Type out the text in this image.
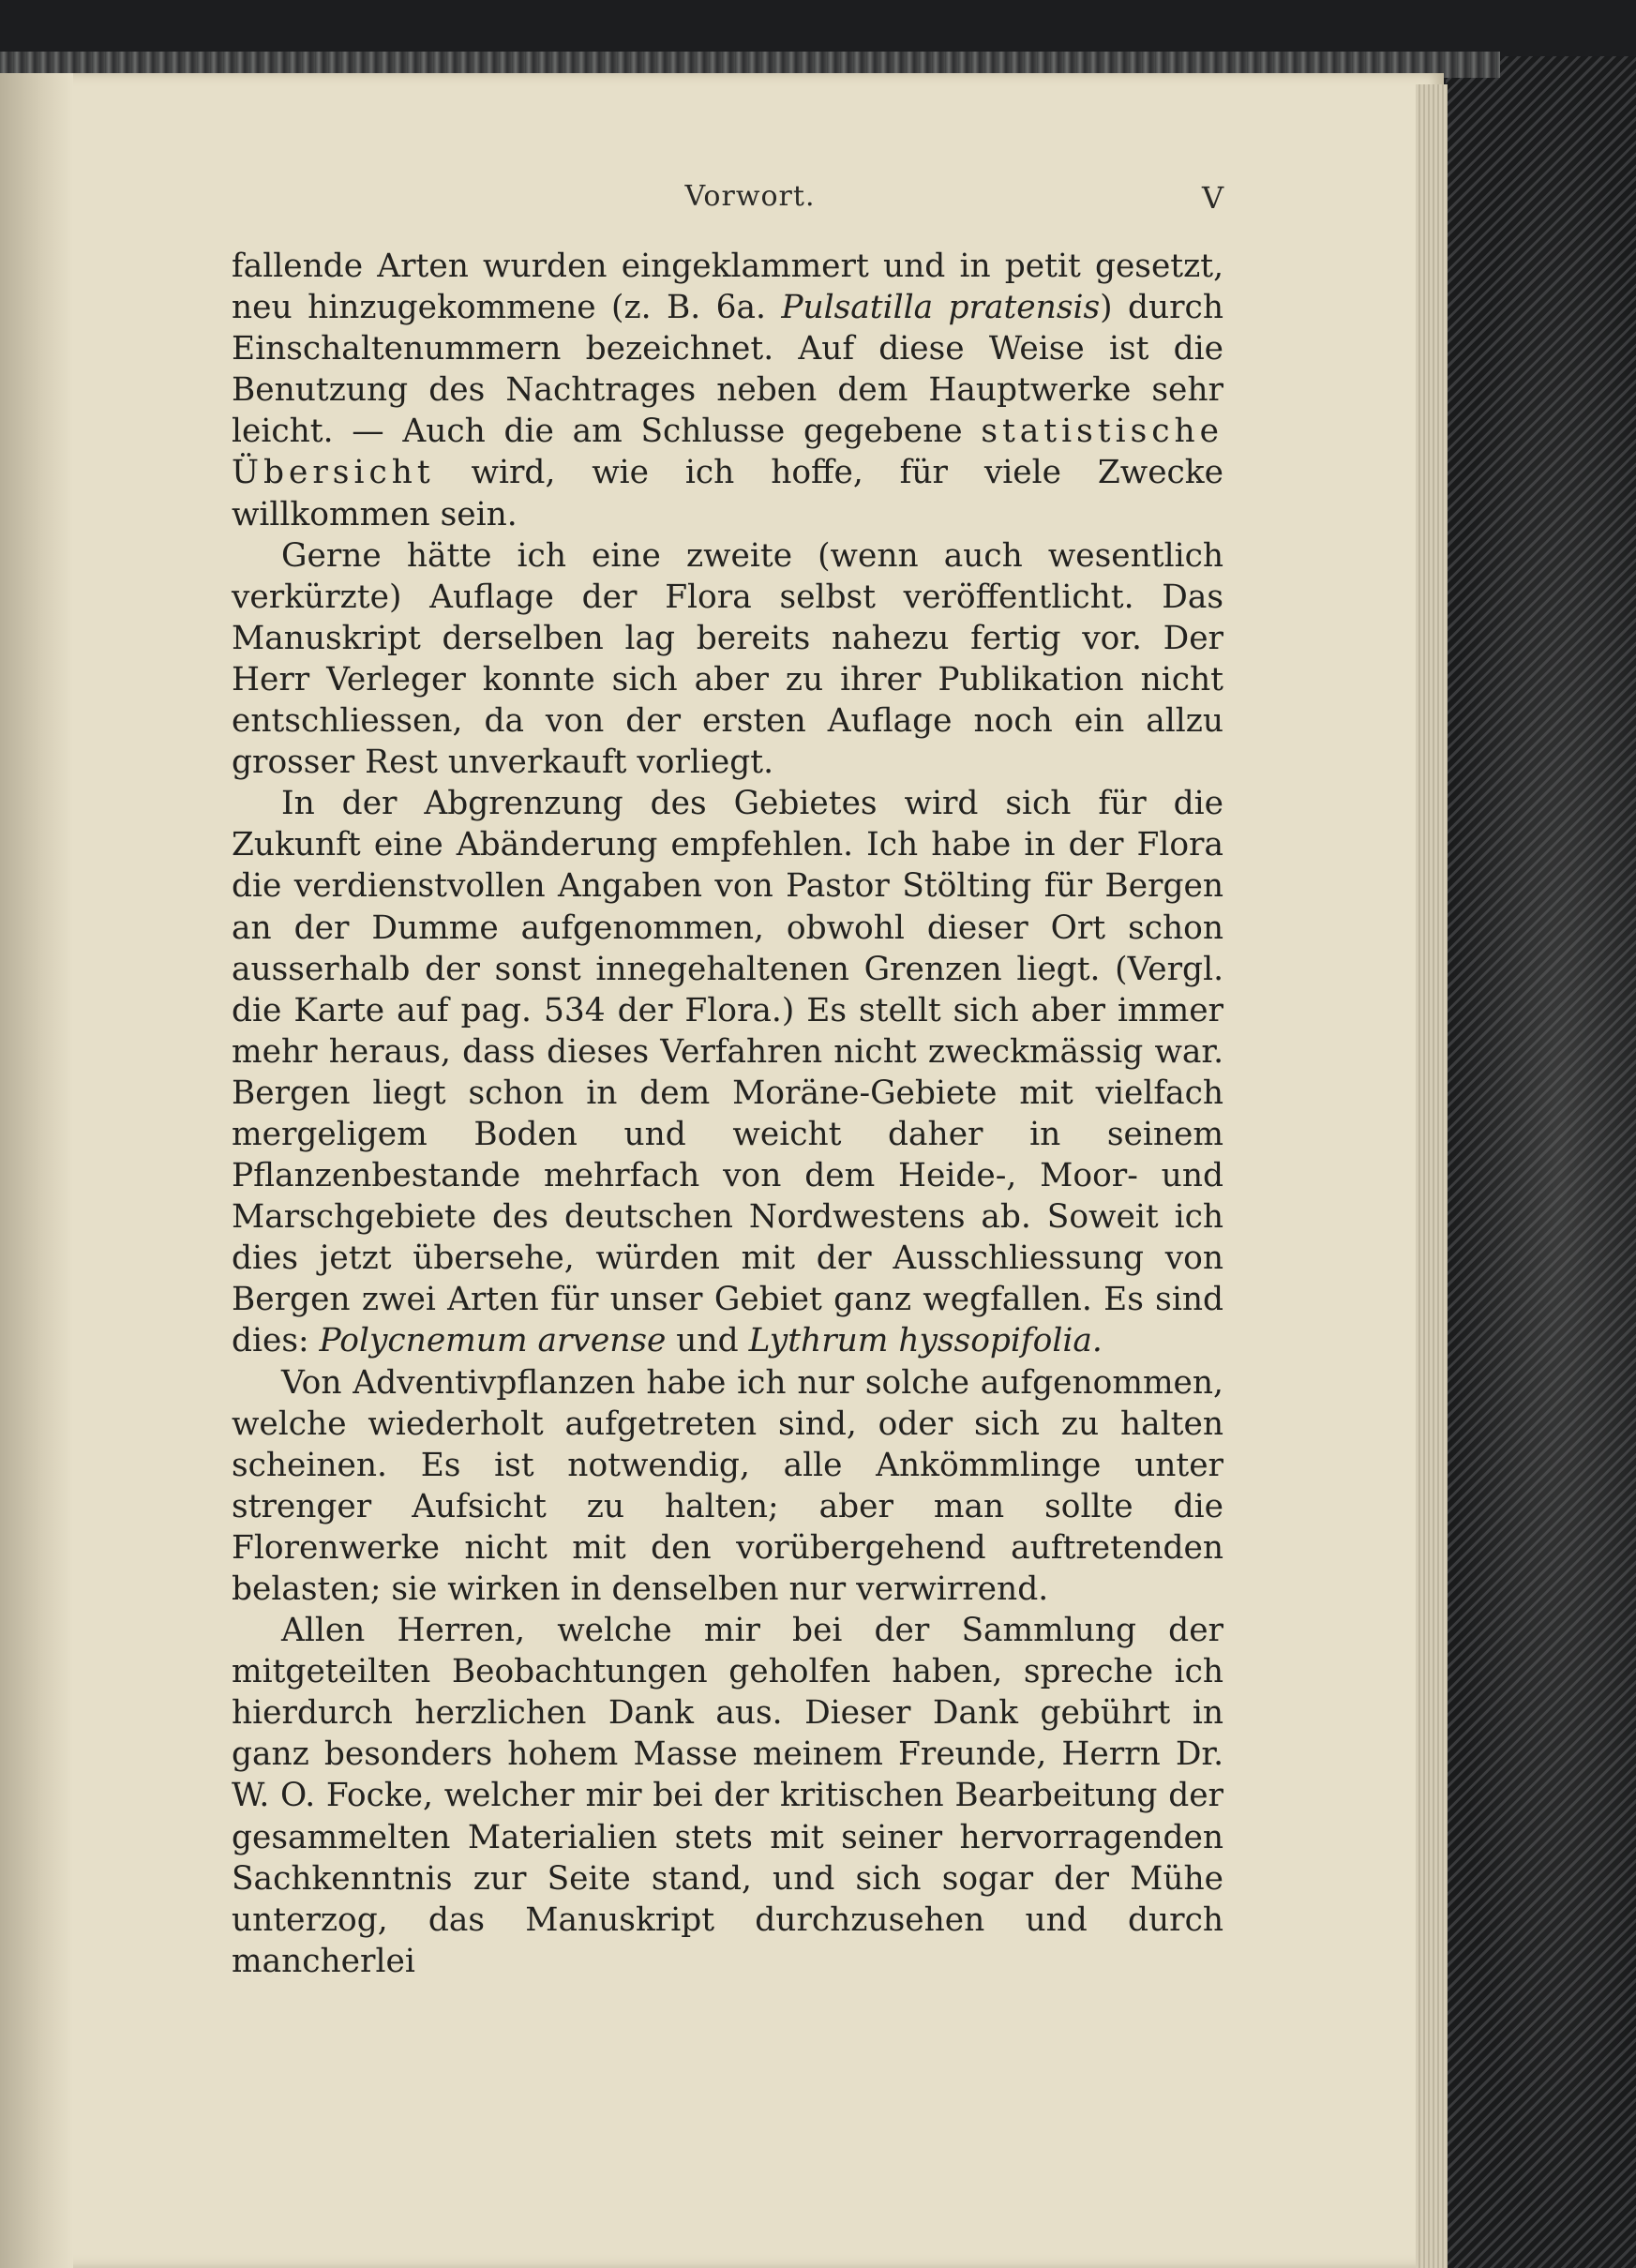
Vorwort.	V

fallende Arten wurden eingeklammert und in petit gesetzt, neu hinzugekommene (z. B. 6a. Pulsatilla pratensis) durch Einschaltenummern bezeichnet. Auf diese Weise ist die Benutzung des Nachtrages neben dem Hauptwerke sehr leicht. — Auch die am Schlusse gegebene statistische Übersicht wird, wie ich hoffe, für viele Zwecke willkommen sein.

Gerne hätte ich eine zweite (wenn auch wesentlich verkürzte) Auflage der Flora selbst veröffentlicht. Das Manuskript derselben lag bereits nahezu fertig vor. Der Herr Verleger konnte sich aber zu ihrer Publikation nicht entschliessen, da von der ersten Auflage noch ein allzu grosser Rest unverkauft vorliegt.

In der Abgrenzung des Gebietes wird sich für die Zukunft eine Abänderung empfehlen. Ich habe in der Flora die verdienstvollen Angaben von Pastor Stölting für Bergen an der Dumme aufgenommen, obwohl dieser Ort schon ausserhalb der sonst innegehaltenen Grenzen liegt. (Vergl. die Karte auf pag. 534 der Flora.) Es stellt sich aber immer mehr heraus, dass dieses Verfahren nicht zweckmässig war. Bergen liegt schon in dem Moräne-Gebiete mit vielfach mergeligem Boden und weicht daher in seinem Pflanzenbestande mehrfach von dem Heide-, Moor- und Marschgebiete des deutschen Nordwestens ab. Soweit ich dies jetzt übersehe, würden mit der Ausschliessung von Bergen zwei Arten für unser Gebiet ganz wegfallen. Es sind dies: Polycnemum arvense und Lythrum hyssopifolia.

Von Adventivpflanzen habe ich nur solche aufgenommen, welche wiederholt aufgetreten sind, oder sich zu halten scheinen. Es ist notwendig, alle Ankömmlinge unter strenger Aufsicht zu halten; aber man sollte die Florenwerke nicht mit den vorübergehend auftretenden belasten; sie wirken in denselben nur verwirrend.

Allen Herren, welche mir bei der Sammlung der mitgeteilten Beobachtungen geholfen haben, spreche ich hierdurch herzlichen Dank aus. Dieser Dank gebührt in ganz besonders hohem Masse meinem Freunde, Herrn Dr. W. O. Focke, welcher mir bei der kritischen Bearbeitung der gesammelten Materialien stets mit seiner hervorragenden Sachkenntnis zur Seite stand, und sich sogar der Mühe unterzog, das Manuskript durchzusehen und durch mancherlei
